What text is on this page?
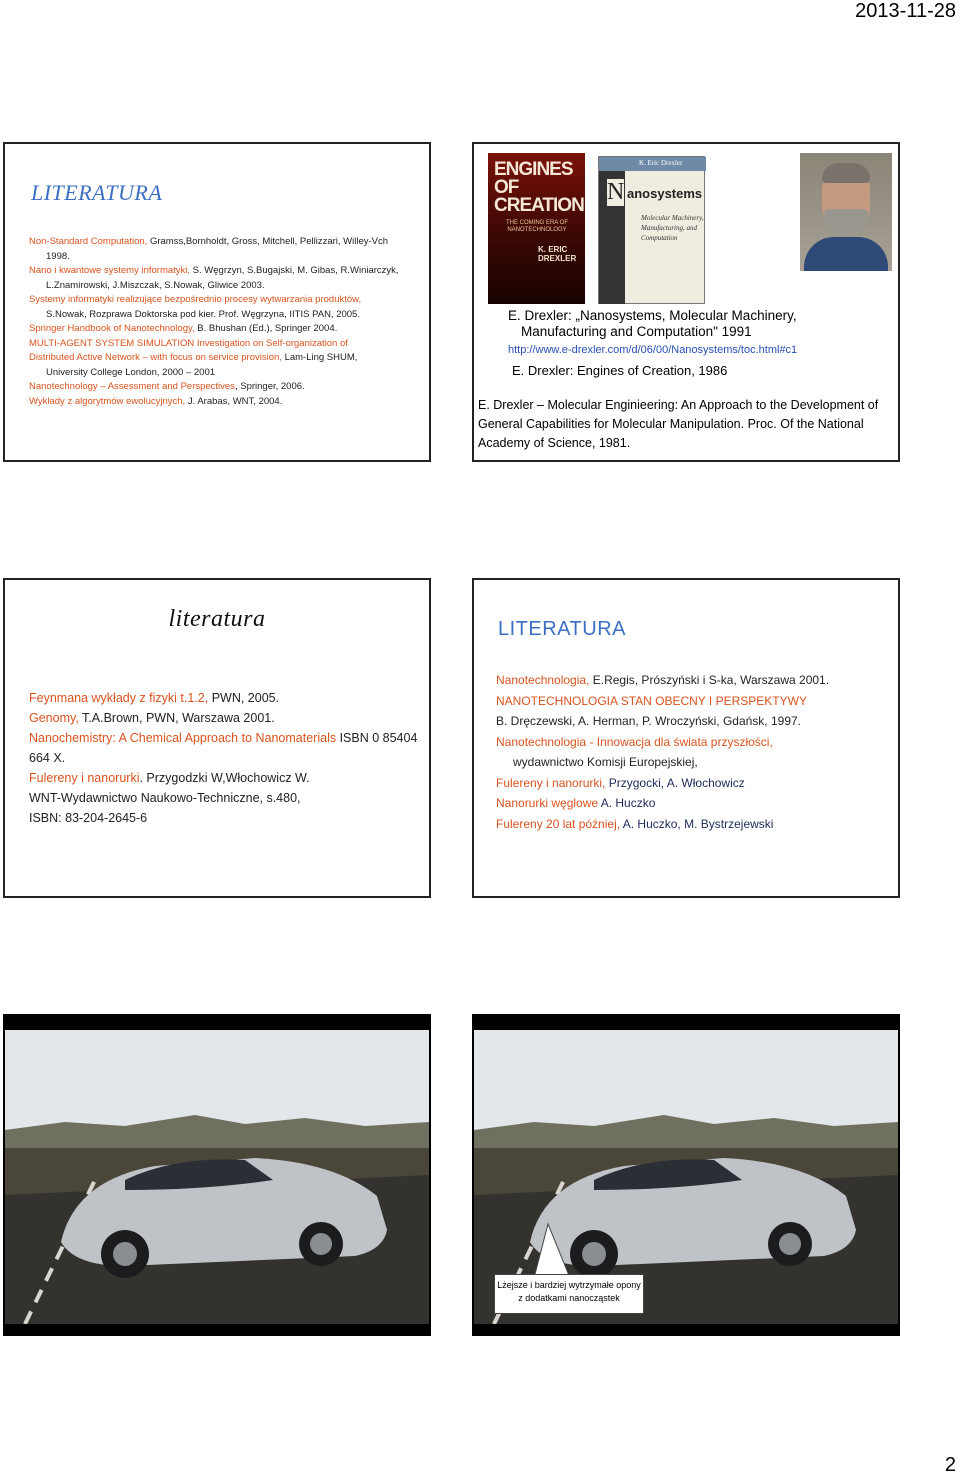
2013-11-28
LITERATURA

Non-Standard Computation, Gramss,Bornholdt, Gross, Mitchell, Pellizzari, Willey-Vch

1998.

Nano i kwantowe systemy informatyki, S. Węgrzyn, S.Bugajski, M. Gibas, R.Winiarczyk,

L.Znamirowski, J.Miszczak, S.Nowak, Gliwice 2003.

Systemy informatyki realizujące bezpośrednio procesy wytwarzania produktów,

S.Nowak, Rozprawa Doktorska pod kier. Prof. Węgrzyna, IITIS PAN, 2005.

Springer Handbook of Nanotechnology, B. Bhushan (Ed.), Springer 2004.

MULTI-AGENT SYSTEM SIMULATION Investigation on Self-organization of

Distributed Active Network – with focus on service provision, Lam-Ling SHUM,

University College London, 2000 – 2001

Nanotechnology – Assessment and Perspectives, Springer, 2006.

Wykłady z algorytmów ewolucyjnych, J. Arabas, WNT, 2004.

ENGINES OF CREATION
THE COMING ERA OF NANOTECHNOLOGY
K. ERIC DREXLER
K. Eric Drexler
N anosystems
Molecular Machinery, Manufacturing, and Computation
E. Drexler: „Nanosystems, Molecular Machinery,
Manufacturing and Computation" 1991
http://www.e-drexler.com/d/06/00/Nanosystems/toc.html#c1
E. Drexler: Engines of Creation, 1986
E. Drexler – Molecular Enginieering: An Approach to the Development of General Capabilities for Molecular Manipulation. Proc. Of the National Academy of Science, 1981.
literatura

Feynmana wykłady z fizyki t.1.2, PWN, 2005.

Genomy, T.A.Brown, PWN, Warszawa 2001.

Nanochemistry: A Chemical Approach to Nanomaterials ISBN 0 85404 664 X.

Fulereny i nanorurki. Przygodzki W,Włochowicz W.

WNT-Wydawnictwo Naukowo-Techniczne, s.480,

ISBN: 83-204-2645-6

LITERATURA

Nanotechnologia, E.Regis, Prószyński i S-ka, Warszawa 2001.

NANOTECHNOLOGIA STAN OBECNY I PERSPEKTYWY

B. Dręczewski, A. Herman, P. Wroczyński, Gdańsk, 1997.

Nanotechnologia - Innowacja dla świata przyszłości,

wydawnictwo Komisji Europejskiej,

Fulereny i nanorurki, Przygocki, A. Włochowicz

Nanorurki węglowe A. Huczko

Fulereny 20 lat później, A. Huczko, M. Bystrzejewski

Lżejsze i bardziej wytrzymałe opony z dodatkami nanocząstek
2
